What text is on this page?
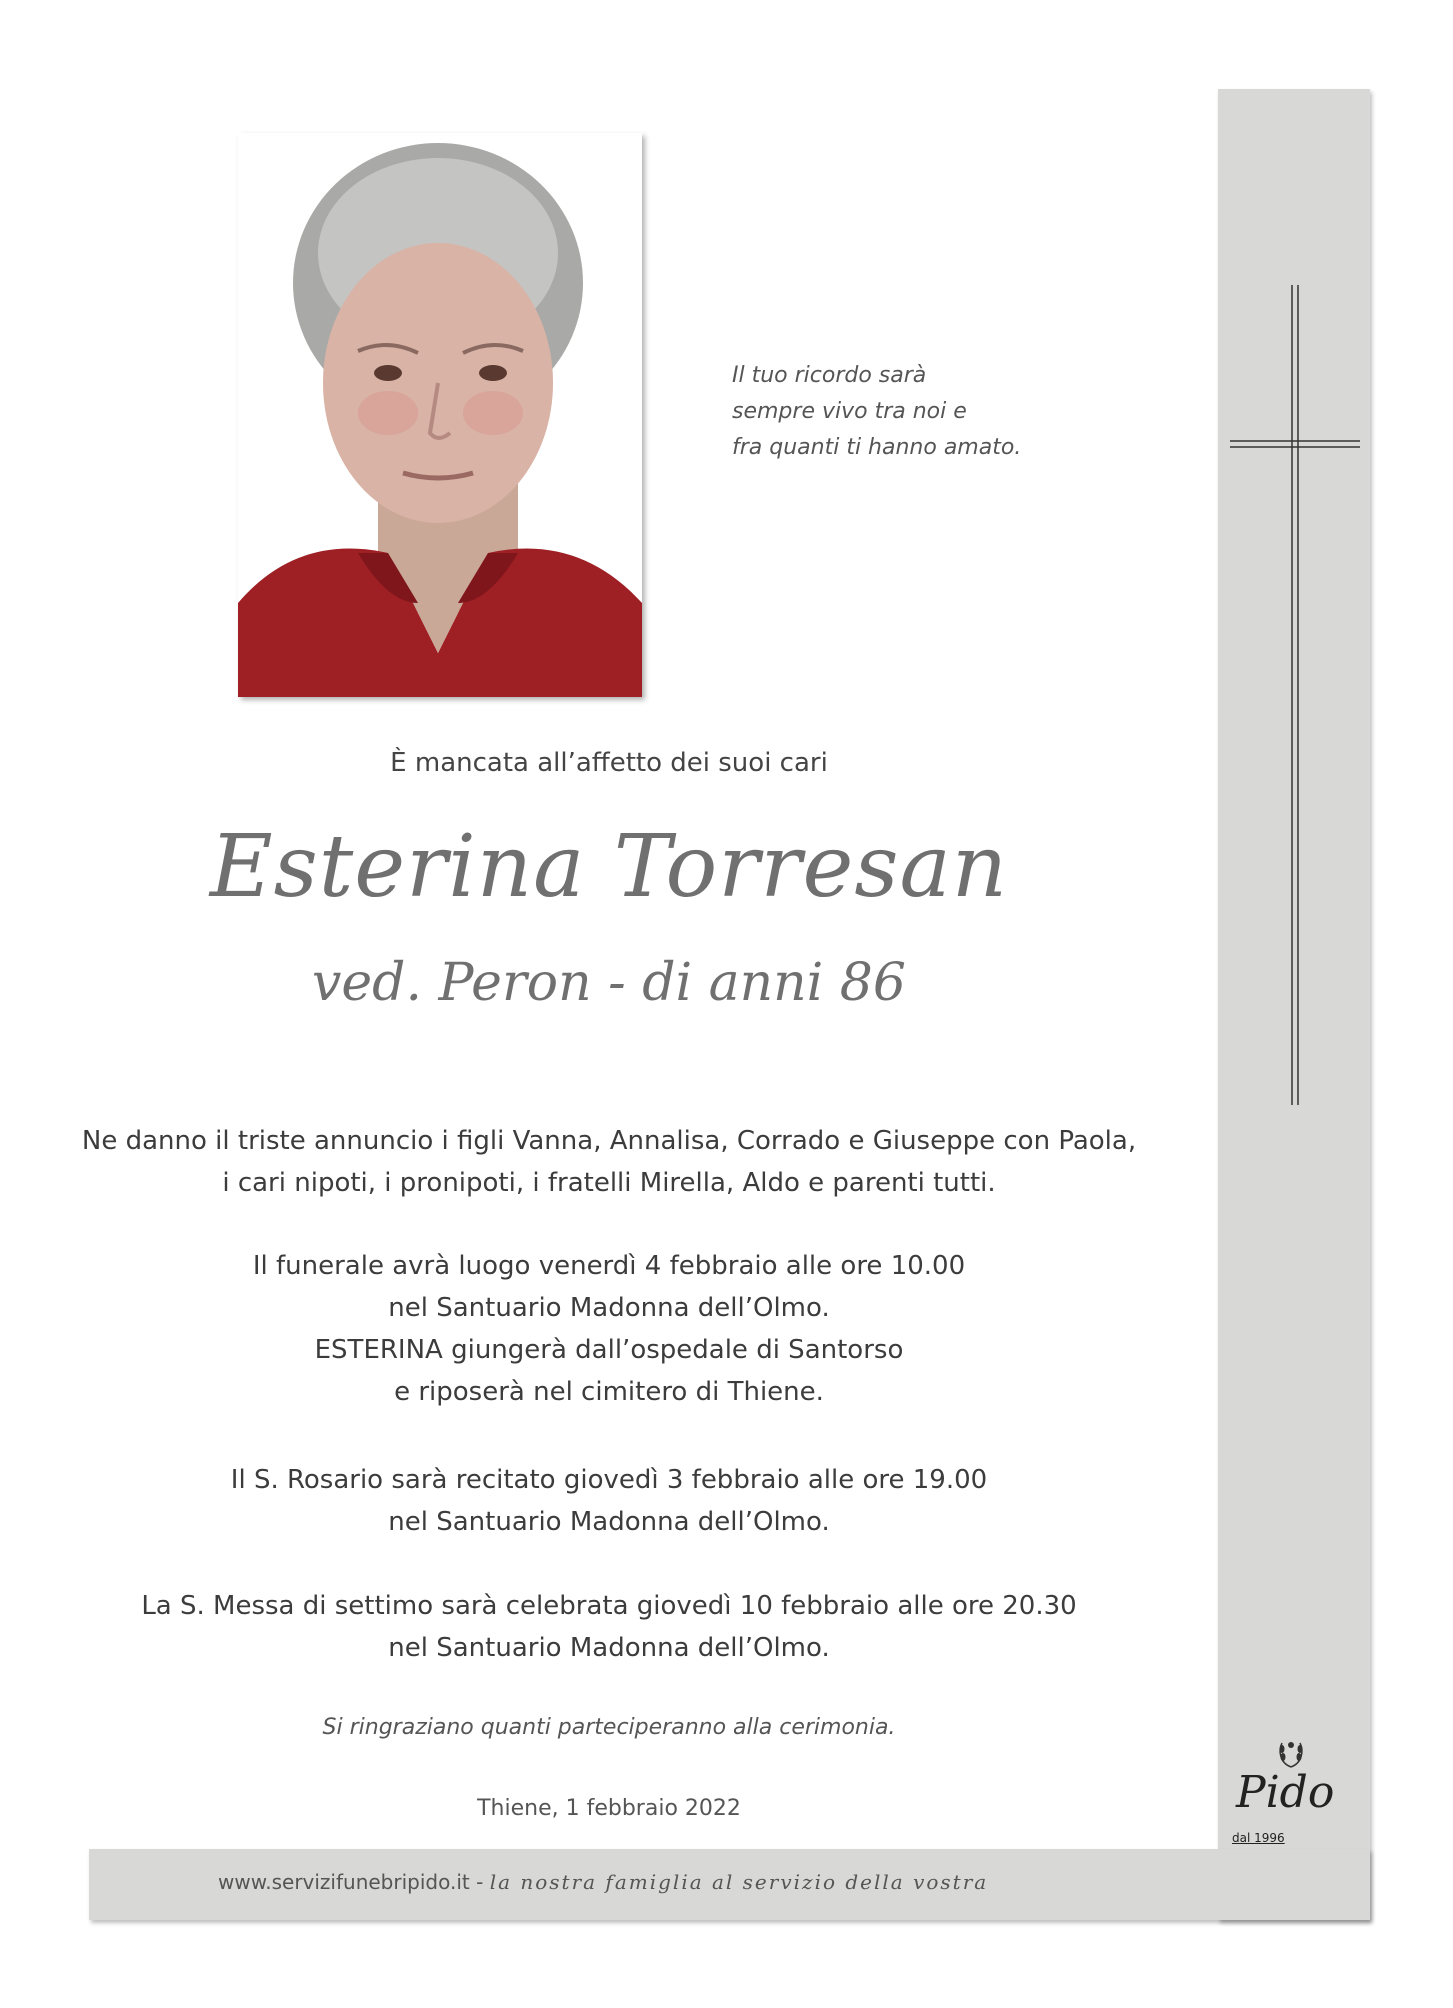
Il tuo ricordo sarà
sempre vivo tra noi e
fra quanti ti hanno amato.
È mancata all’affetto dei suoi cari
Esterina Torresan
ved. Peron - di anni 86
Ne danno il triste annuncio i figli Vanna, Annalisa, Corrado e Giuseppe con Paola,
i cari nipoti, i pronipoti, i fratelli Mirella, Aldo e parenti tutti.
Il funerale avrà luogo venerdì 4 febbraio alle ore 10.00
nel Santuario Madonna dell’Olmo.
ESTERINA giungerà dall’ospedale di Santorso
e riposerà nel cimitero di Thiene.
Il S. Rosario sarà recitato giovedì 3 febbraio alle ore 19.00
nel Santuario Madonna dell’Olmo.
La S. Messa di settimo sarà celebrata giovedì 10 febbraio alle ore 20.30
nel Santuario Madonna dell’Olmo.
Si ringraziano quanti parteciperanno alla cerimonia.
Thiene, 1 febbraio 2022	Pido
dal 1996
www.servizifunebripido.it - la nostra famiglia al servizio della vostra
